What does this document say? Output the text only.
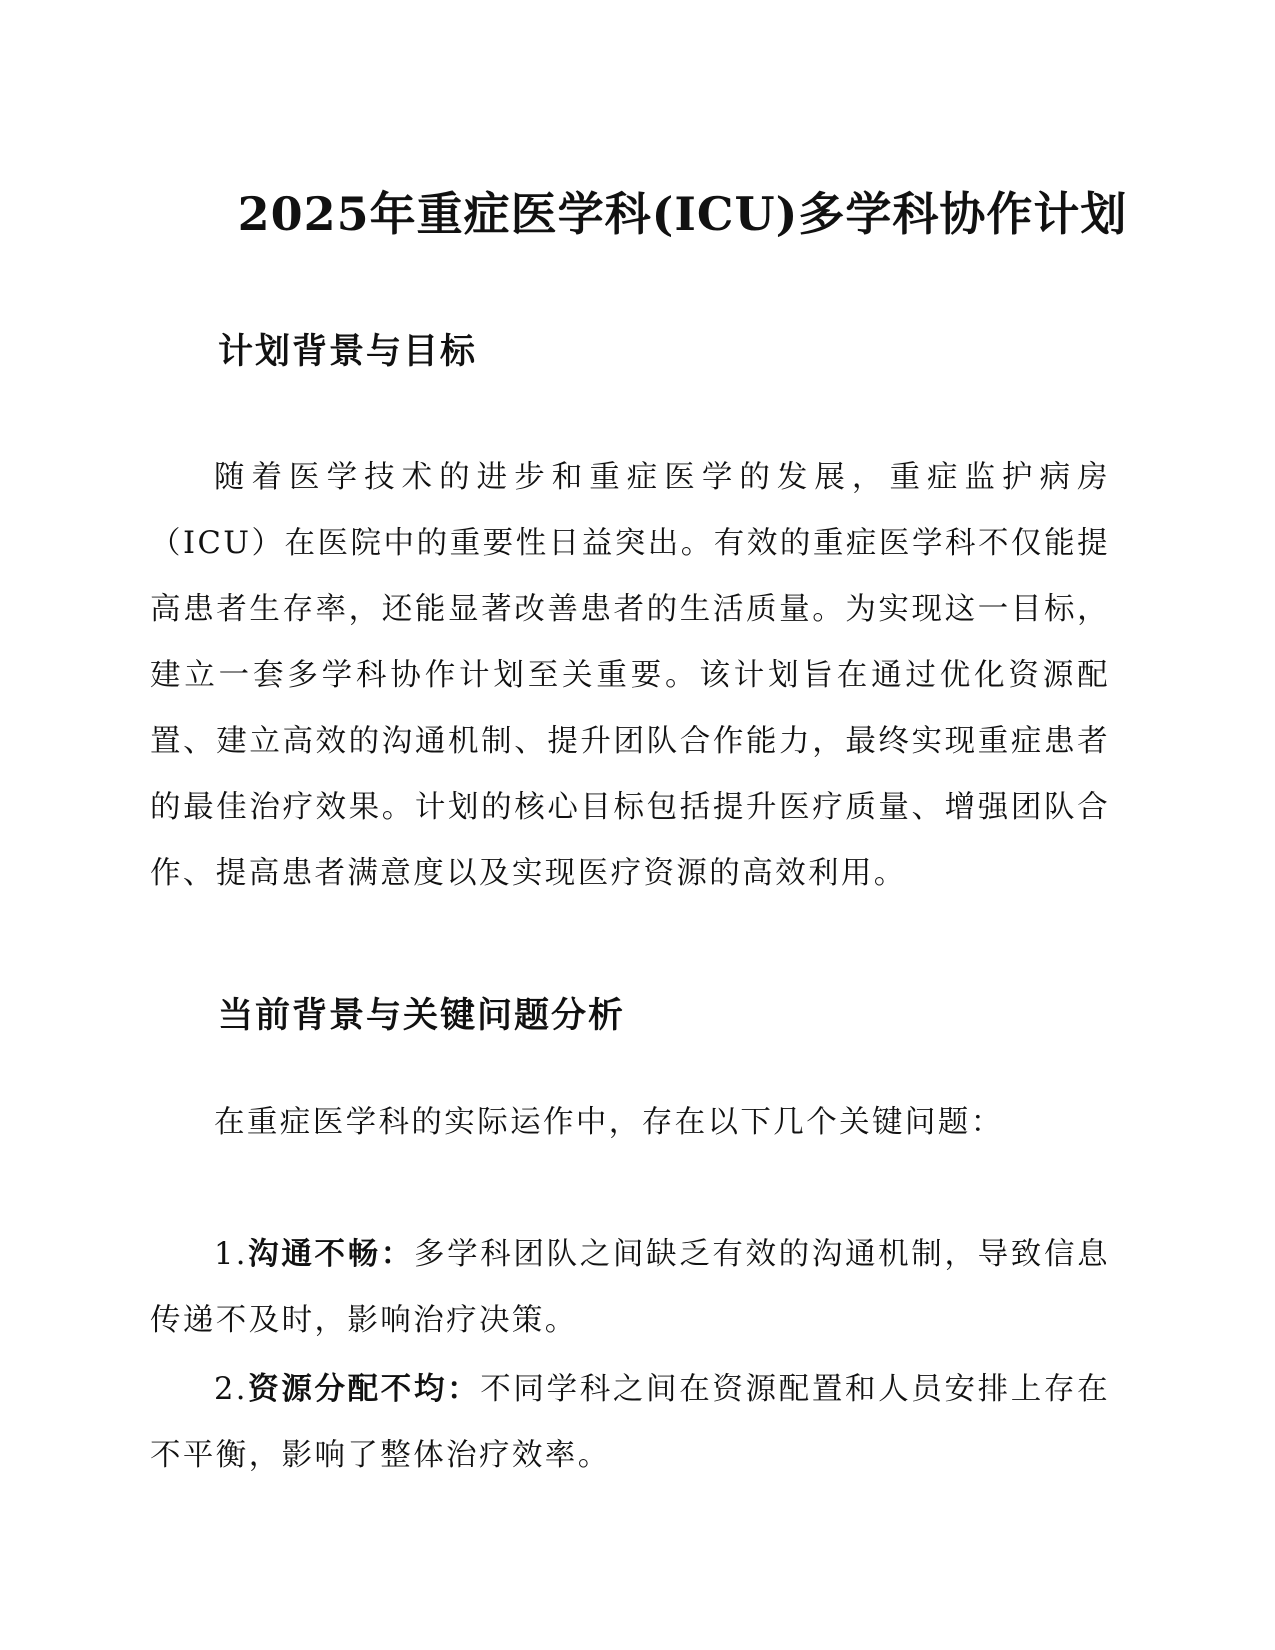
2025年重症医学科(ICU)多学科协作计划
计划背景与目标

随着医学技术的进步和重症医学的发展，重症监护病房（ICU）在医院中的重要性日益突出。有效的重症医学科不仅能提高患者生存率，还能显著改善患者的生活质量。为实现这一目标，建立一套多学科协作计划至关重要。该计划旨在通过优化资源配置、建立高效的沟通机制、提升团队合作能力，最终实现重症患者的最佳治疗效果。计划的核心目标包括提升医疗质量、增强团队合作、提高患者满意度以及实现医疗资源的高效利用。

当前背景与关键问题分析

在重症医学科的实际运作中，存在以下几个关键问题：

1.沟通不畅：多学科团队之间缺乏有效的沟通机制，导致信息传递不及时，影响治疗决策。

2.资源分配不均：不同学科之间在资源配置和人员安排上存在不平衡，影响了整体治疗效率。
